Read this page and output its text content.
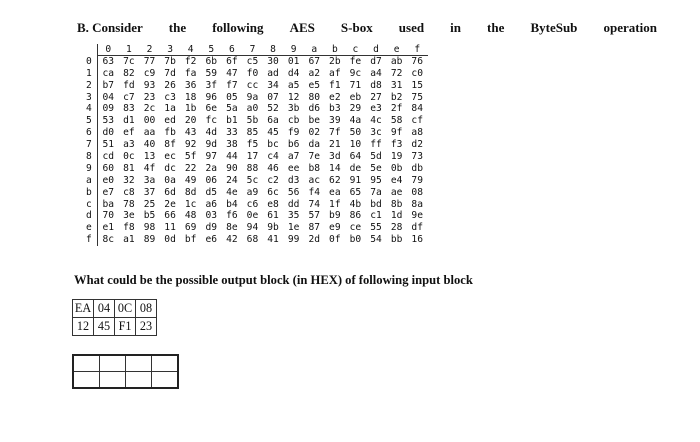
B. Consider the following AES S-box used in the ByteSub operation
0	1	2	3	4	5	6	7	8	9	a	b	c	d	e	f
0	63 7c 77 7b f2 6b 6f c5 30 01 67 2b fe d7 ab 76
1	ca 82 c9 7d fa 59 47 f0 ad d4 a2 af 9c a4 72 c0
2	b7 fd 93 26 36 3f f7 cc 34 a5 e5 f1 71 d8 31 15
3	04 c7 23 c3 18 96 05 9a 07 12 80 e2 eb 27 b2 75
4	09 83 2c 1a 1b 6e 5a a0 52 3b d6 b3 29 e3 2f 84
5	53 d1 00 ed 20 fc b1 5b 6a cb be 39 4a 4c 58 cf
6	d0 ef aa fb 43 4d 33 85 45 f9 02 7f 50 3c 9f a8
7	51 a3 40 8f 92 9d 38 f5 bc b6 da 21 10 ff f3 d2
8	cd 0c 13 ec 5f 97 44 17 c4 a7 7e 3d 64 5d 19 73
9	60 81 4f dc 22 2a 90 88 46 ee b8 14 de 5e 0b db
a	e0 32 3a 0a 49 06 24 5c c2 d3 ac 62 91 95 e4 79
b	e7 c8 37 6d 8d d5 4e a9 6c 56 f4 ea 65 7a ae 08
c	ba 78 25 2e 1c a6 b4 c6 e8 dd 74 1f 4b bd 8b 8a
d	70 3e b5 66 48 03 f6 0e 61 35 57 b9 86 c1 1d 9e
e	e1 f8 98 11 69 d9 8e 94 9b 1e 87 e9 ce 55 28 df
f	8c a1 89 0d bf e6 42 68 41 99 2d 0f b0 54 bb 16
What could be the possible output block (in HEX) of following input block
EA	04	0C	08
12	45	F1	23
